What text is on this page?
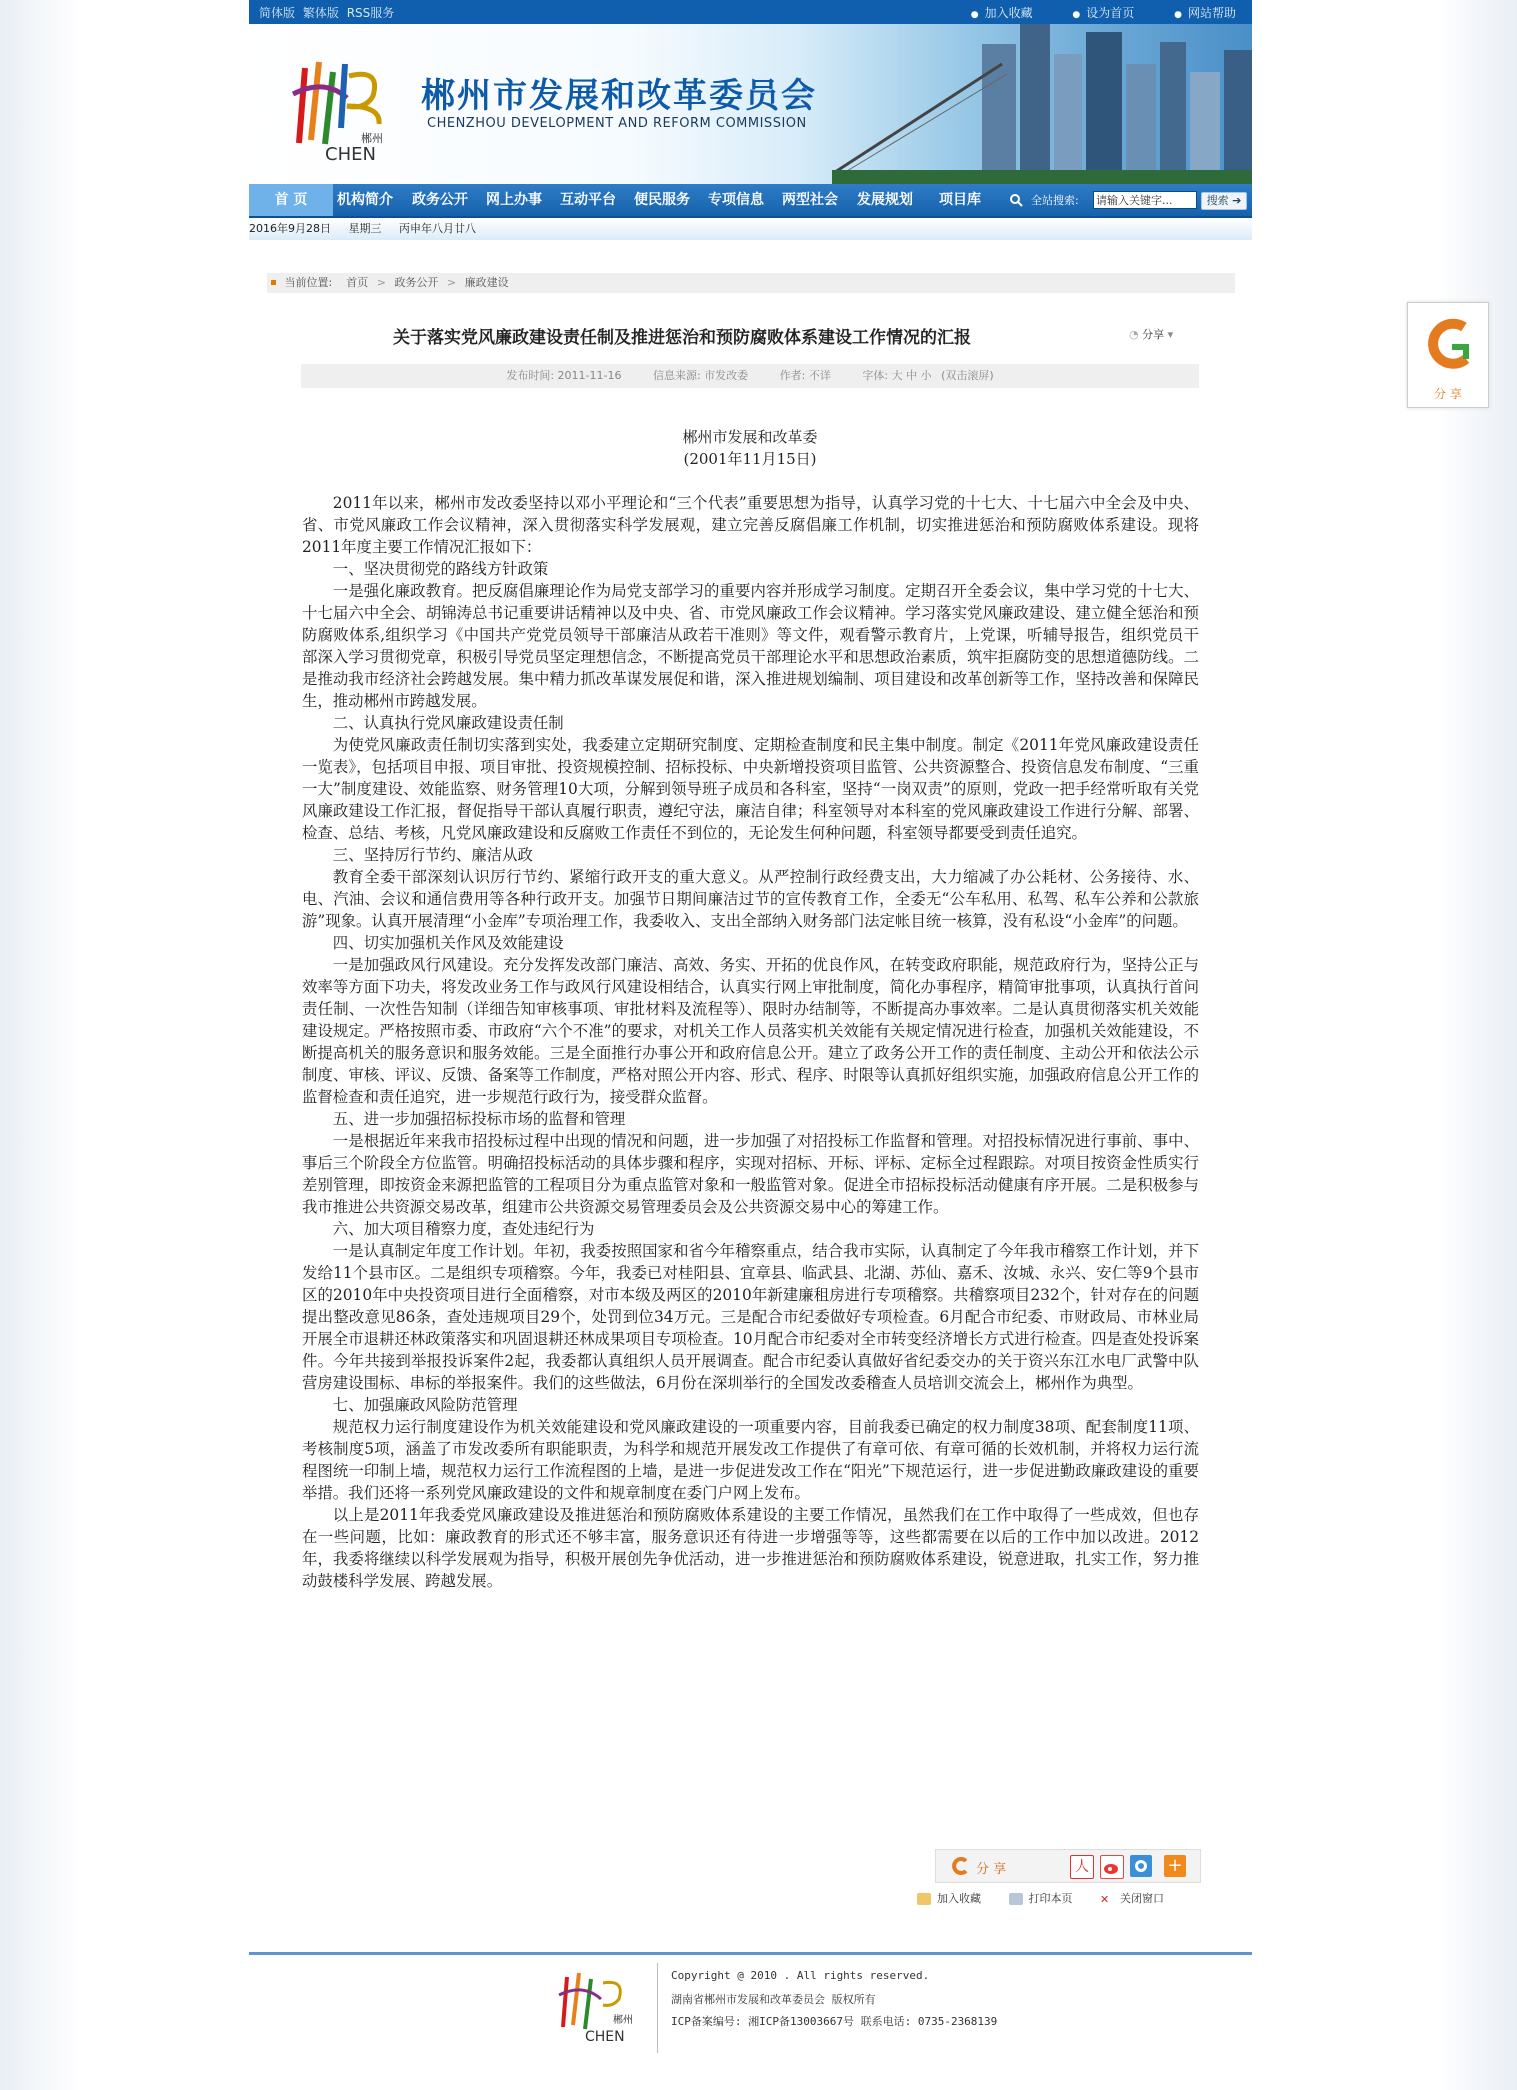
简体版 繁体版 RSS服务	● 加入收藏	● 设为首页	● 网站帮助
郴州
CHEN
郴州市发展和改革委员会
CHENZHOU DEVELOPMENT AND REFORM COMMISSION
首 页	机构简介 政务公开 网上办事 互动平台 便民服务 专项信息 两型社会 发展规划 项目库	全站搜索:
请输入关键字...	搜索 ➔
2016年9月28日 星期三 丙申年八月廿八
当前位置: 首页 > 政务公开 > 廉政建设
关于落实党风廉政建设责任制及推进惩治和预防腐败体系建设工作情况的汇报	◔ 分享 ▾
发布时间: 2011-11-16	信息来源: 市发改委	作者: 不详	字体: 大 中 小 (双击滚屏)
郴州市发展和改革委
(2001年11月15日)

2011年以来，郴州市发改委坚持以邓小平理论和“三个代表”重要思想为指导，认真学习党的十七大、十七届六中全会及中央、省、市党风廉政工作会议精神，深入贯彻落实科学发展观，建立完善反腐倡廉工作机制，切实推进惩治和预防腐败体系建设。现将2011年度主要工作情况汇报如下：

一、坚决贯彻党的路线方针政策

一是强化廉政教育。把反腐倡廉理论作为局党支部学习的重要内容并形成学习制度。定期召开全委会议，集中学习党的十七大、十七届六中全会、胡锦涛总书记重要讲话精神以及中央、省、市党风廉政工作会议精神。学习落实党风廉政建设、建立健全惩治和预防腐败体系,组织学习《中国共产党党员领导干部廉洁从政若干准则》等文件，观看警示教育片，上党课，听辅导报告，组织党员干部深入学习贯彻党章，积极引导党员坚定理想信念，不断提高党员干部理论水平和思想政治素质，筑牢拒腐防变的思想道德防线。二是推动我市经济社会跨越发展。集中精力抓改革谋发展促和谐，深入推进规划编制、项目建设和改革创新等工作，坚持改善和保障民生，推动郴州市跨越发展。

二、认真执行党风廉政建设责任制

为使党风廉政责任制切实落到实处，我委建立定期研究制度、定期检查制度和民主集中制度。制定《2011年党风廉政建设责任一览表》，包括项目申报、项目审批、投资规模控制、招标投标、中央新增投资项目监管、公共资源整合、投资信息发布制度、“三重一大”制度建设、效能监察、财务管理10大项，分解到领导班子成员和各科室，坚持“一岗双责”的原则，党政一把手经常听取有关党风廉政建设工作汇报，督促指导干部认真履行职责，遵纪守法，廉洁自律；科室领导对本科室的党风廉政建设工作进行分解、部署、检查、总结、考核，凡党风廉政建设和反腐败工作责任不到位的，无论发生何种问题，科室领导都要受到责任追究。

三、坚持厉行节约、廉洁从政

教育全委干部深刻认识厉行节约、紧缩行政开支的重大意义。从严控制行政经费支出，大力缩减了办公耗材、公务接待、水、电、汽油、会议和通信费用等各种行政开支。加强节日期间廉洁过节的宣传教育工作，全委无“公车私用、私驾、私车公养和公款旅游”现象。认真开展清理“小金库”专项治理工作，我委收入、支出全部纳入财务部门法定帐目统一核算，没有私设“小金库”的问题。

四、切实加强机关作风及效能建设

一是加强政风行风建设。充分发挥发改部门廉洁、高效、务实、开拓的优良作风，在转变政府职能，规范政府行为，坚持公正与效率等方面下功夫，将发改业务工作与政风行风建设相结合，认真实行网上审批制度，简化办事程序，精简审批事项，认真执行首问责任制、一次性告知制（详细告知审核事项、审批材料及流程等）、限时办结制等，不断提高办事效率。二是认真贯彻落实机关效能建设规定。严格按照市委、市政府“六个不准”的要求，对机关工作人员落实机关效能有关规定情况进行检查，加强机关效能建设，不断提高机关的服务意识和服务效能。三是全面推行办事公开和政府信息公开。建立了政务公开工作的责任制度、主动公开和依法公示制度、审核、评议、反馈、备案等工作制度，严格对照公开内容、形式、程序、时限等认真抓好组织实施，加强政府信息公开工作的监督检查和责任追究，进一步规范行政行为，接受群众监督。

五、进一步加强招标投标市场的监督和管理

一是根据近年来我市招投标过程中出现的情况和问题，进一步加强了对招投标工作监督和管理。对招投标情况进行事前、事中、事后三个阶段全方位监管。明确招投标活动的具体步骤和程序，实现对招标、开标、评标、定标全过程跟踪。对项目按资金性质实行差别管理，即按资金来源把监管的工程项目分为重点监管对象和一般监管对象。促进全市招标投标活动健康有序开展。二是积极参与我市推进公共资源交易改革，组建市公共资源交易管理委员会及公共资源交易中心的筹建工作。

六、加大项目稽察力度，查处违纪行为

一是认真制定年度工作计划。年初，我委按照国家和省今年稽察重点，结合我市实际，认真制定了今年我市稽察工作计划，并下发给11个县市区。二是组织专项稽察。今年，我委已对桂阳县、宜章县、临武县、北湖、苏仙、嘉禾、汝城、永兴、安仁等9个县市区的2010年中央投资项目进行全面稽察，对市本级及两区的2010年新建廉租房进行专项稽察。共稽察项目232个，针对存在的问题提出整改意见86条，查处违规项目29个，处罚到位34万元。三是配合市纪委做好专项检查。6月配合市纪委、市财政局、市林业局开展全市退耕还林政策落实和巩固退耕还林成果项目专项检查。10月配合市纪委对全市转变经济增长方式进行检查。四是查处投诉案件。今年共接到举报投诉案件2起，我委都认真组织人员开展调查。配合市纪委认真做好省纪委交办的关于资兴东江水电厂武警中队营房建设围标、串标的举报案件。我们的这些做法，6月份在深圳举行的全国发改委稽查人员培训交流会上，郴州作为典型。

七、加强廉政风险防范管理

规范权力运行制度建设作为机关效能建设和党风廉政建设的一项重要内容，目前我委已确定的权力制度38项、配套制度11项、考核制度5项，涵盖了市发改委所有职能职责，为科学和规范开展发改工作提供了有章可依、有章可循的长效机制，并将权力运行流程图统一印制上墙，规范权力运行工作流程图的上墙，是进一步促进发改工作在“阳光”下规范运行，进一步促进勤政廉政建设的重要举措。我们还将一系列党风廉政建设的文件和规章制度在委门户网上发布。

以上是2011年我委党风廉政建设及推进惩治和预防腐败体系建设的主要工作情况，虽然我们在工作中取得了一些成效，但也存在一些问题，比如：廉政教育的形式还不够丰富，服务意识还有待进一步增强等等，这些都需要在以后的工作中加以改进。2012年，我委将继续以科学发展观为指导，积极开展创先争优活动，进一步推进惩治和预防腐败体系建设，锐意进取，扎实工作，努力推动鼓楼科学发展、跨越发展。

分 享	人	+
加入收藏	打印本页	✕ 关闭窗口
郴州
CHEN
Copyright @ 2010 . All rights reserved.
湖南省郴州市发展和改革委员会 版权所有
ICP备案编号: 湘ICP备13003667号 联系电话: 0735-2368139
分 享
